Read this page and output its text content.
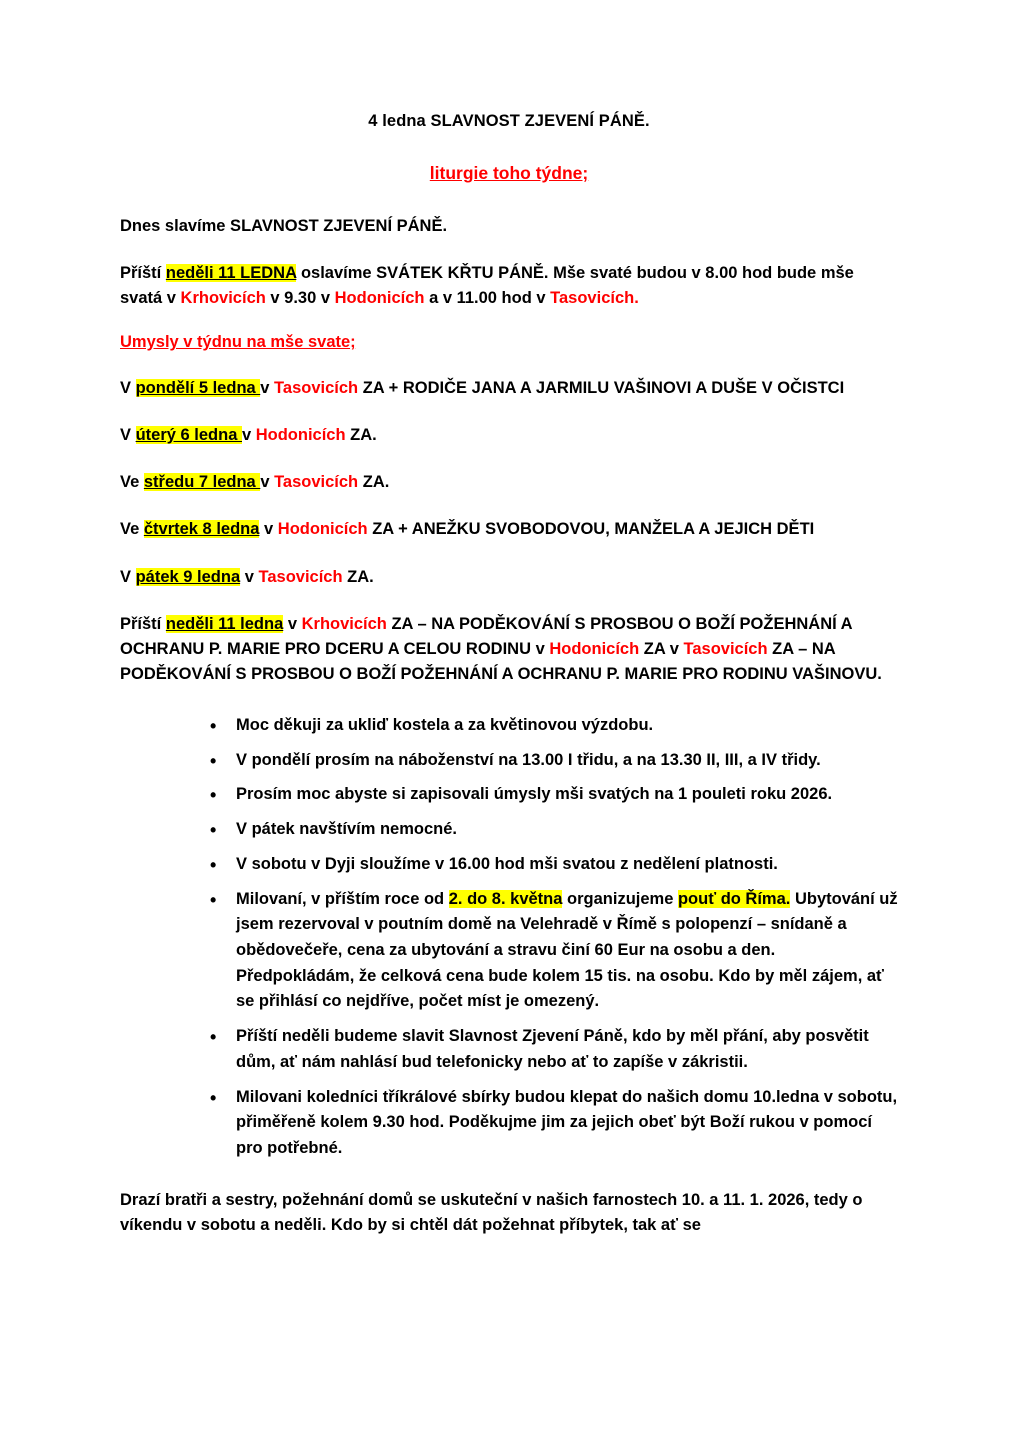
4 ledna SLAVNOST ZJEVENÍ PÁNĚ.
liturgie toho týdne;

Dnes slavíme SLAVNOST ZJEVENÍ PÁNĚ.

Příští neděli 11 LEDNA oslavíme SVÁTEK KŘTU PÁNĚ. Mše svaté budou v 8.00 hod bude mše svatá v Krhovicích v 9.30 v Hodonicích a v 11.00 hod v Tasovicích.

Umysly v týdnu na mše svate;

V pondělí 5 ledna v Tasovicích ZA + RODIČE JANA A JARMILU VAŠINOVI A DUŠE V OČISTCI

V úterý 6 ledna v Hodonicích ZA.

Ve středu 7 ledna v Tasovicích ZA.

Ve čtvrtek 8 ledna v Hodonicích ZA + ANEŽKU SVOBODOVOU, MANŽELA A JEJICH DĚTI

V pátek 9 ledna v Tasovicích ZA.

Příští neděli 11 ledna v Krhovicích ZA – NA PODĚKOVÁNÍ S PROSBOU O BOŽÍ POŽEHNÁNÍ A OCHRANU P. MARIE PRO DCERU A CELOU RODINU v Hodonicích ZA v Tasovicích ZA – NA PODĚKOVÁNÍ S PROSBOU O BOŽÍ POŽEHNÁNÍ A OCHRANU P. MARIE PRO RODINU VAŠINOVU.

• Moc děkuji za ukliď kostela a za květinovou výzdobu.
• V pondělí prosím na náboženství na 13.00 I třidu, a na 13.30 II, III, a IV třidy.
• Prosím moc abyste si zapisovali úmysly mši svatých na 1 pouleti roku 2026.
• V pátek navštívím nemocné.
• V sobotu v Dyji sloužíme v 16.00 hod mši svatou z nedělení platnosti.
• Milovaní, v příštím roce od 2. do 8. května organizujeme pouť do Říma. Ubytování už jsem rezervoval v poutním domě na Velehradě v Římě s polopenzí – snídaně a obědovečeře, cena za ubytování a stravu činí 60 Eur na osobu a den. Předpokládám, že celková cena bude kolem 15 tis. na osobu. Kdo by měl zájem, ať se přihlásí co nejdříve, počet míst je omezený.
• Příští neděli budeme slavit Slavnost Zjevení Páně, kdo by měl přání, aby posvětit dům, ať nám nahlásí bud telefonicky nebo ať to zapíše v zákristii.
• Milovani koledníci tříkrálové sbírky budou klepat do našich domu 10.ledna v sobotu, přiměřeně kolem 9.30 hod. Poděkujme jim za jejich obeť být Boží rukou v pomocí pro potřebné.

Drazí bratři a sestry, požehnání domů se uskuteční v našich farnostech 10. a 11. 1. 2026, tedy o víkendu v sobotu a neděli. Kdo by si chtěl dát požehnat příbytek, tak ať se
